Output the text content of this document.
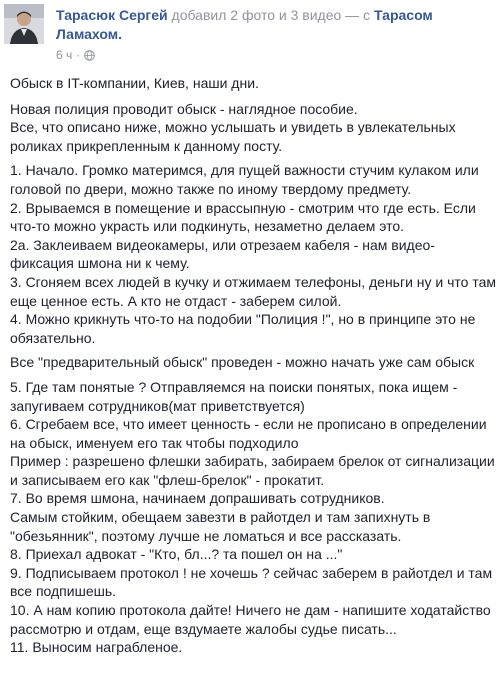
Тарасюк Сергей добавил 2 фото и 3 видео — с Тарасом Ламахом.
6 ч ·

Обыск в IT-компании, Киев, наши дни.

Новая полиция проводит обыск - наглядное пособие.
Все, что описано ниже, можно услышать и увидеть в увлекательных роликах прикрепленным к данному посту.

1. Начало. Громко материмся, для пущей важности стучим кулаком или головой по двери, можно также по иному твердому предмету.
2. Врываемся в помещение и врассыпную - смотрим что где есть. Если что-то можно украсть или подкинуть, незаметно делаем это.
2a. Заклеиваем видеокамеры, или отрезаем кабеля - нам видео-фиксация шмона ни к чему.
3. Сгоняем всех людей в кучку и отжимаем телефоны, деньги ну и что там еще ценное есть. А кто не отдаст - заберем силой.
4. Можно крикнуть что-то на подобии "Полиция !", но в принципе это не обязательно.

Все "предварительный обыск" проведен - можно начать уже сам обыск

5. Где там понятые ? Отправляемся на поиски понятых, пока ищем - запугиваем сотрудников(мат приветствуется)
6. Сгребаем все, что имеет ценность - если не прописано в определении на обыск, именуем его так чтобы подходило
Пример : разрешено флешки забирать, забираем брелок от сигнализации и записываем его как "флеш-брелок" - прокатит.
7. Во время шмона, начинаем допрашивать сотрудников.
Самым стойким, обещаем завезти в райотдел и там запихнуть в "обезьянник", поэтому лучше не ломаться и все рассказать.
8. Приехал адвокат - "Кто, бл...? та пошел он на ..."
9. Подписываем протокол ! не хочешь ? сейчас заберем в райотдел и там все подпишешь.
10. А нам копию протокола дайте! Ничего не дам - напишите ходатайство рассмотрю и отдам, еще вздумаете жалобы судье писать...
11. Выносим награбленое.
